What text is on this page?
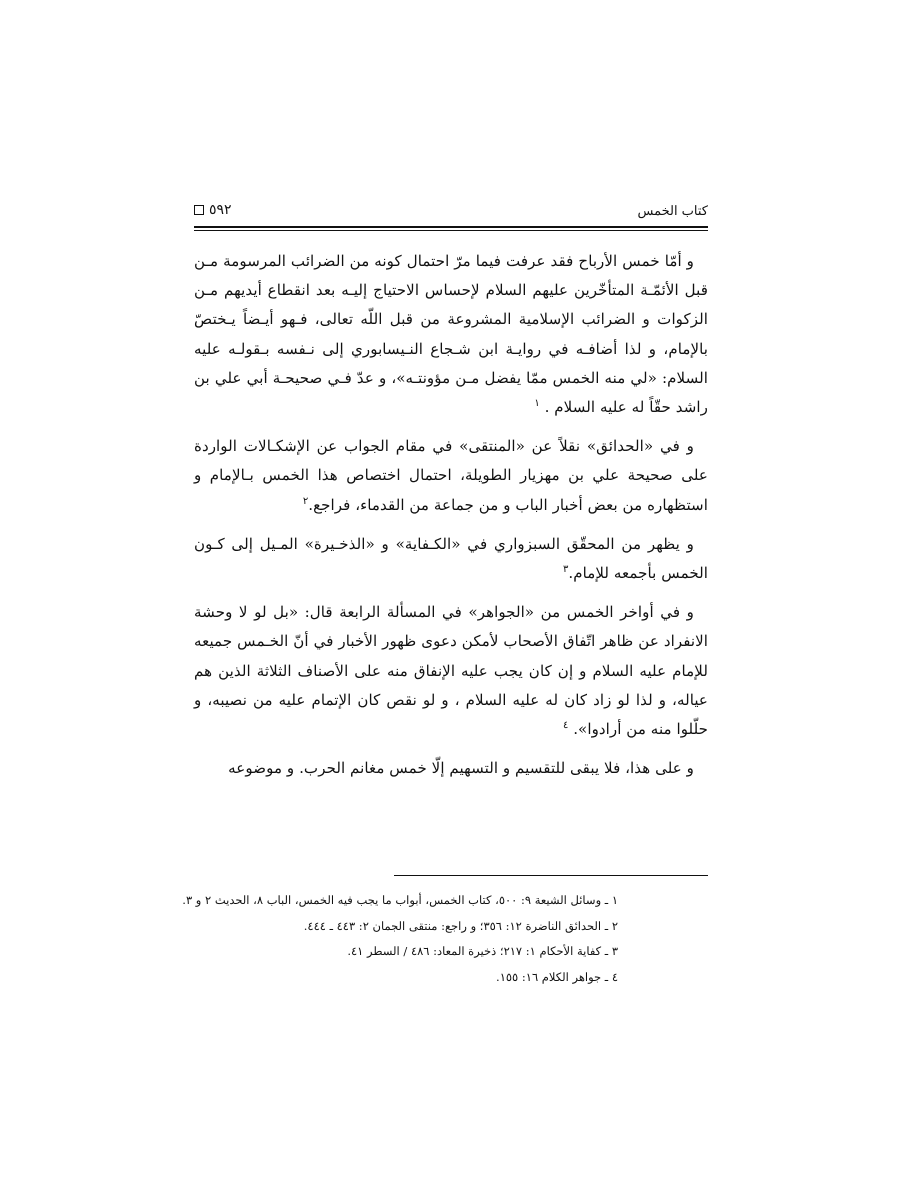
كتاب الخمس
٥٩٢

و أمّا خمس الأرباح فقد عرفت فيما مرّ احتمال كونه من الضرائب المرسومة مـن قبل الأئمّـة المتأخّرين عليهم السلام لإحساس الاحتياج إليـه بعد انقطاع أيديهم مـن الزكوات و الضرائب الإسلامية المشروعة من قبل اللّه تعالى، فـهو أيـضاً يـختصّ بالإمام، و لذا أضافـه في روايـة ابن شـجاع النـيسابوري إلى نـفسه بـقولـه عليه السلام: «لي منه الخمس ممّا يفضل مـن مؤونتـه»، و عدّ فـي صحيحـة أبي علي بن راشد حقّاً له عليه السلام . $^١$

و في «الحدائق» نقلاً عن «المنتقى» في مقام الجواب عن الإشكـالات الواردة على صحيحة علي بن مهزيار الطويلة، احتمال اختصاص هذا الخمس بـالإمام و استظهاره من بعض أخبار الباب و من جماعة من القدماء، فراجع.$^٢$

و يظهر من المحقّق السبزواري في «الكـفاية» و «الذخـيرة» المـيل إلى كـون الخمس بأجمعه للإمام.$^٣$

و في أواخر الخمس من «الجواهر» في المسألة الرابعة قال: «بل لو لا وحشة الانفراد عن ظاهر اتّفاق الأصحاب لأمكن دعوى ظهور الأخبار في أنّ الخـمس جميعه للإمام عليه السلام و إن كان يجب عليه الإنفاق منه على الأصناف الثلاثة الذين هم عياله، و لذا لو زاد كان له عليه السلام ، و لو نقص كان الإتمام عليه من نصيبه، و حلّلوا منه من أرادوا». $^٤$

و على هذا، فلا يبقى للتقسيم و التسهيم إلّا خمس مغانم الحرب. و موضوعه

١ ـ وسائل الشيعة ٩: ٥٠٠، كتاب الخمس، أبواب ما يجب فيه الخمس، الباب ٨، الحديث ٢ و ٣.
٢ ـ الحدائق الناضرة ١٢: ٣٥٦؛ و راجع: منتقى الجمان ٢: ٤٤٣ ـ ٤٤٤.
٣ ـ كفاية الأحكام ١: ٢١٧؛ ذخيرة المعاد: ٤٨٦ / السطر ٤١.
٤ ـ جواهر الكلام ١٦: ١٥٥.
